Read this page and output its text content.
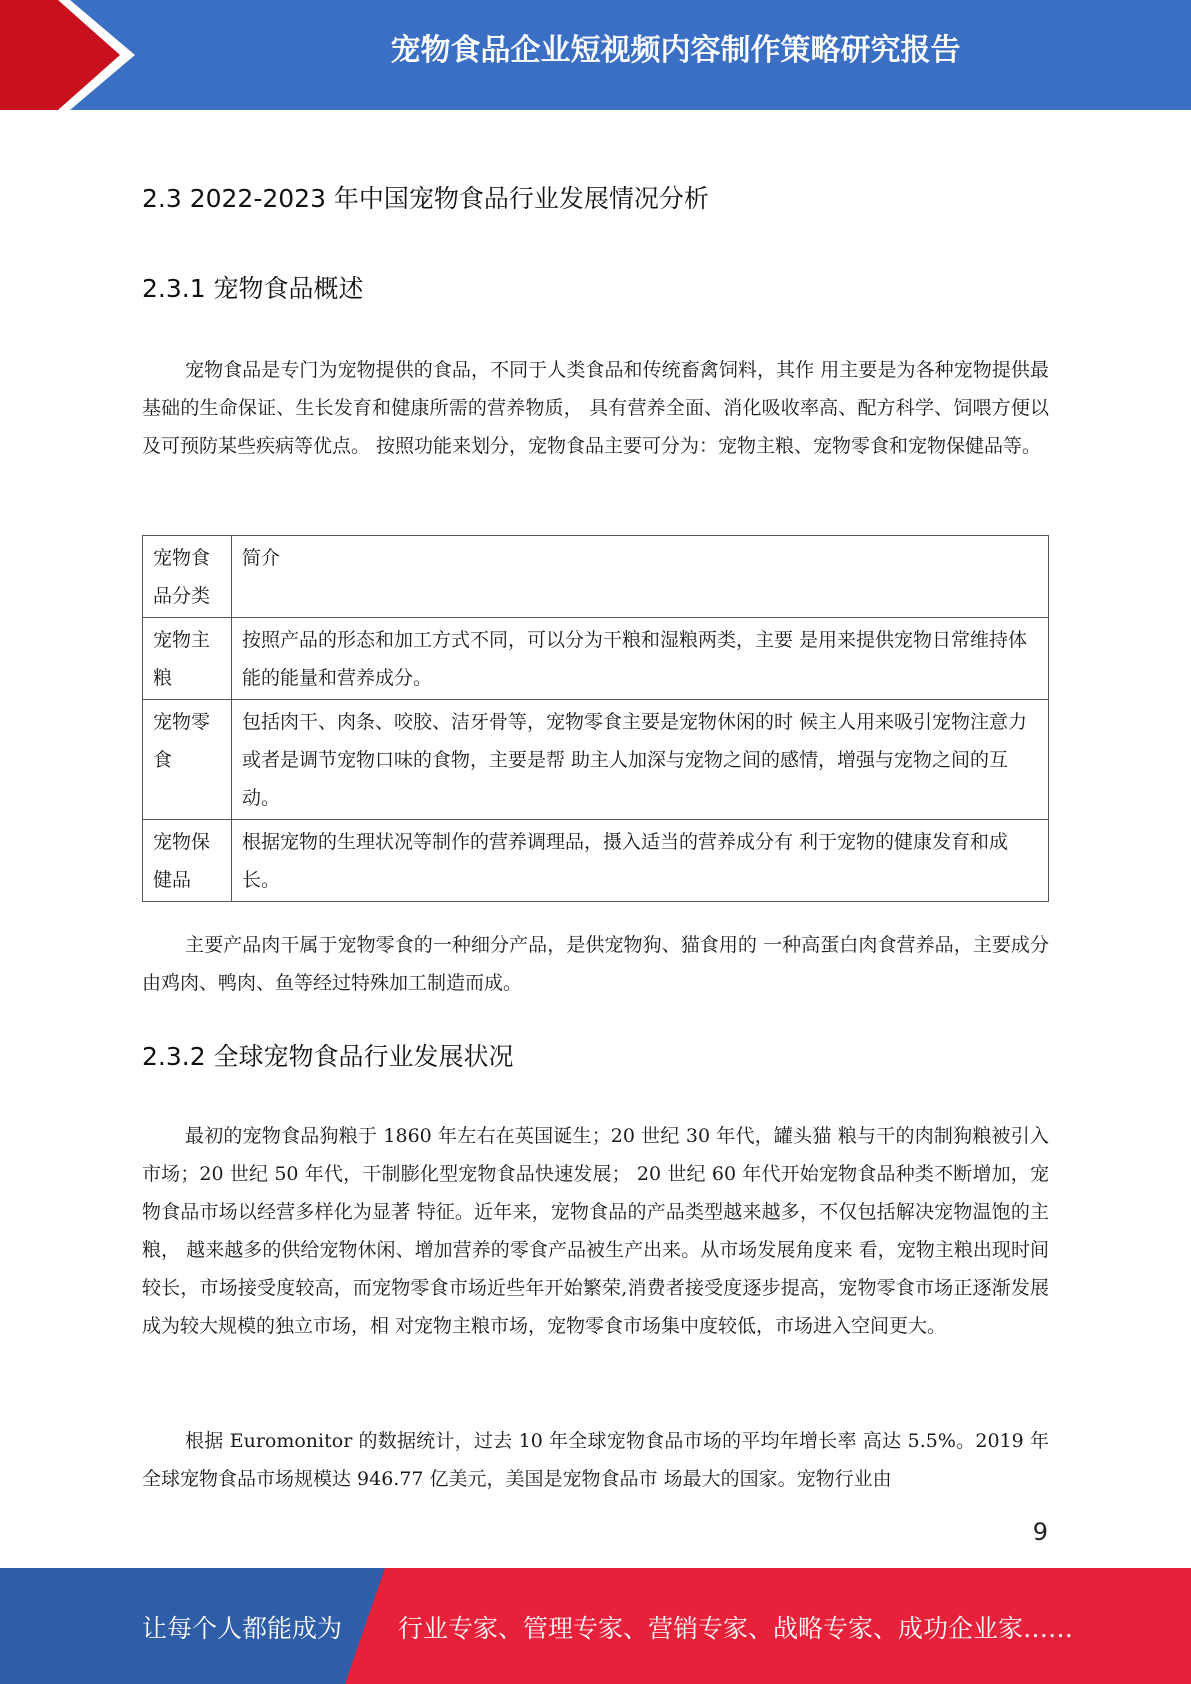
宠物食品企业短视频内容制作策略研究报告
2.3 2022-2023 年中国宠物食品行业发展情况分析
2.3.1 宠物食品概述
宠物食品是专门为宠物提供的食品，不同于人类食品和传统畜禽饲料，其作 用主要是为各种宠物提供最基础的生命保证、生长发育和健康所需的营养物质， 具有营养全面、消化吸收率高、配方科学、饲喂方便以及可预防某些疾病等优点。 按照功能来划分，宠物食品主要可分为：宠物主粮、宠物零食和宠物保健品等。
宠物食品分类	简介
宠物主粮	按照产品的形态和加工方式不同，可以分为干粮和湿粮两类，主要 是用来提供宠物日常维持体能的能量和营养成分。
宠物零食	包括肉干、肉条、咬胶、洁牙骨等，宠物零食主要是宠物休闲的时 候主人用来吸引宠物注意力或者是调节宠物口味的食物，主要是帮 助主人加深与宠物之间的感情，增强与宠物之间的互动。
宠物保健品	根据宠物的生理状况等制作的营养调理品，摄入适当的营养成分有 利于宠物的健康发育和成长。
主要产品肉干属于宠物零食的一种细分产品，是供宠物狗、猫食用的 一种高蛋白肉食营养品，主要成分由鸡肉、鸭肉、鱼等经过特殊加工制造而成。
2.3.2 全球宠物食品行业发展状况
最初的宠物食品狗粮于 1860 年左右在英国诞生；20 世纪 30 年代，罐头猫 粮与干的肉制狗粮被引入市场；20 世纪 50 年代，干制膨化型宠物食品快速发展； 20 世纪 60 年代开始宠物食品种类不断增加，宠物食品市场以经营多样化为显著 特征。近年来，宠物食品的产品类型越来越多，不仅包括解决宠物温饱的主粮， 越来越多的供给宠物休闲、增加营养的零食产品被生产出来。从市场发展角度来 看，宠物主粮出现时间较长，市场接受度较高，而宠物零食市场近些年开始繁荣,消费者接受度逐步提高，宠物零食市场正逐渐发展成为较大规模的独立市场，相 对宠物主粮市场，宠物零食市场集中度较低，市场进入空间更大。
根据 Euromonitor 的数据统计，过去 10 年全球宠物食品市场的平均年增长率 高达 5.5%。2019 年全球宠物食品市场规模达 946.77 亿美元，美国是宠物食品市 场最大的国家。宠物行业由
9
让每个人都能成为 行业专家、管理专家、营销专家、战略专家、成功企业家……
